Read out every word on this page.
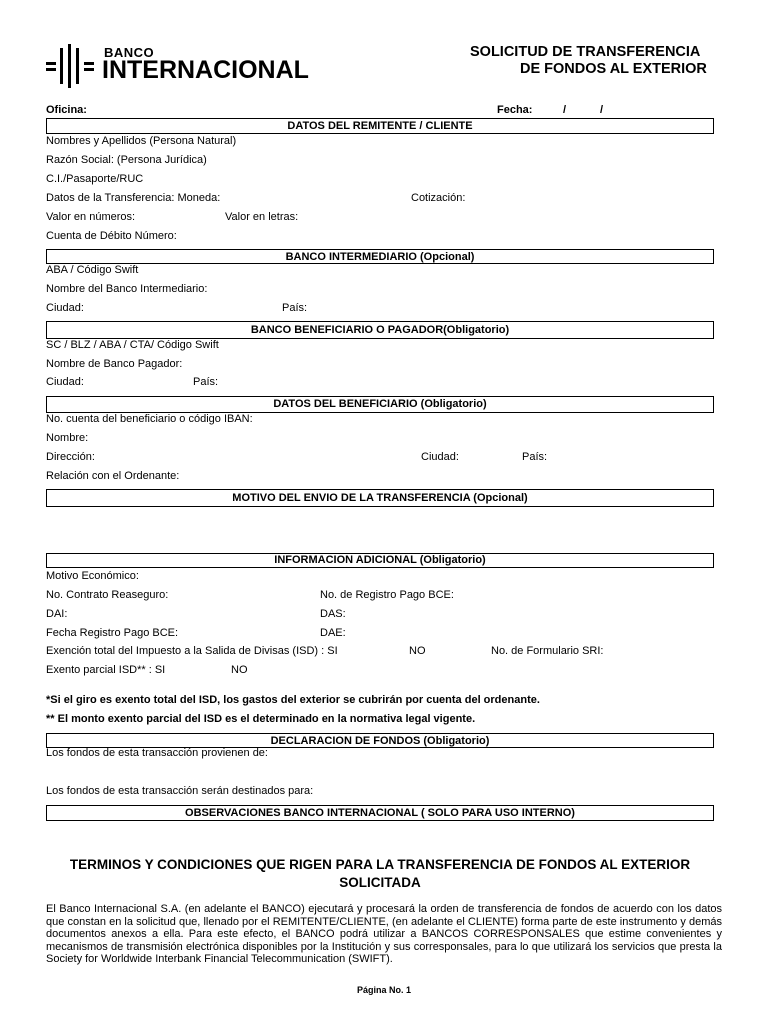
BANCO
INTERNACIONAL
SOLICITUD DE TRANSFERENCIA
DE FONDOS AL EXTERIOR
Oficina:	Fecha:	/	/
DATOS DEL REMITENTE / CLIENTE
Nombres y Apellidos (Persona Natural)
Razón Social: (Persona Jurídica)
C.I./Pasaporte/RUC
Datos de la Transferencia: Moneda:	Cotización:
Valor en números:	Valor en letras:
Cuenta de Débito Número:
BANCO INTERMEDIARIO (Opcional)
ABA / Código Swift
Nombre del Banco Intermediario:
Ciudad:	País:
BANCO BENEFICIARIO O PAGADOR(Obligatorio)
SC / BLZ / ABA / CTA/ Código Swift
Nombre de Banco Pagador:
Ciudad:	País:
DATOS DEL BENEFICIARIO (Obligatorio)
No. cuenta del beneficiario o código IBAN:
Nombre:
Dirección:	Ciudad:	País:
Relación con el Ordenante:
MOTIVO DEL ENVIO DE LA TRANSFERENCIA (Opcional)
INFORMACION ADICIONAL (Obligatorio)
Motivo Económico:
No. Contrato Reaseguro:	No. de Registro Pago BCE:
DAI:	DAS:
Fecha Registro Pago BCE:	DAE:
Exención total del Impuesto a la Salida de Divisas (ISD) : SI	NO	No. de Formulario SRI:
Exento parcial ISD** : SI	NO
*Si el giro es exento total del ISD, los gastos del exterior se cubrirán por cuenta del ordenante.
** El monto exento parcial del ISD es el determinado en la normativa legal vigente.
DECLARACION DE FONDOS (Obligatorio)
Los fondos de esta transacción provienen de:
Los fondos de esta transacción serán destinados para:
OBSERVACIONES BANCO INTERNACIONAL ( SOLO PARA USO INTERNO)
TERMINOS Y CONDICIONES QUE RIGEN PARA LA TRANSFERENCIA DE FONDOS AL EXTERIOR SOLICITADA
El Banco Internacional S.A. (en adelante el BANCO) ejecutará y procesará la orden de transferencia de fondos de acuerdo con los datos que constan en la solicitud que, llenado por el REMITENTE/CLIENTE, (en adelante el CLIENTE) forma parte de este instrumento y demás documentos anexos a ella. Para este efecto, el BANCO podrá utilizar a BANCOS CORRESPONSALES que estime convenientes y mecanismos de transmisión electrónica disponibles por la Institución y sus corresponsales, para lo que utilizará los servicios que presta la Society for Worldwide Interbank Financial Telecommunication (SWIFT).
Página No. 1
